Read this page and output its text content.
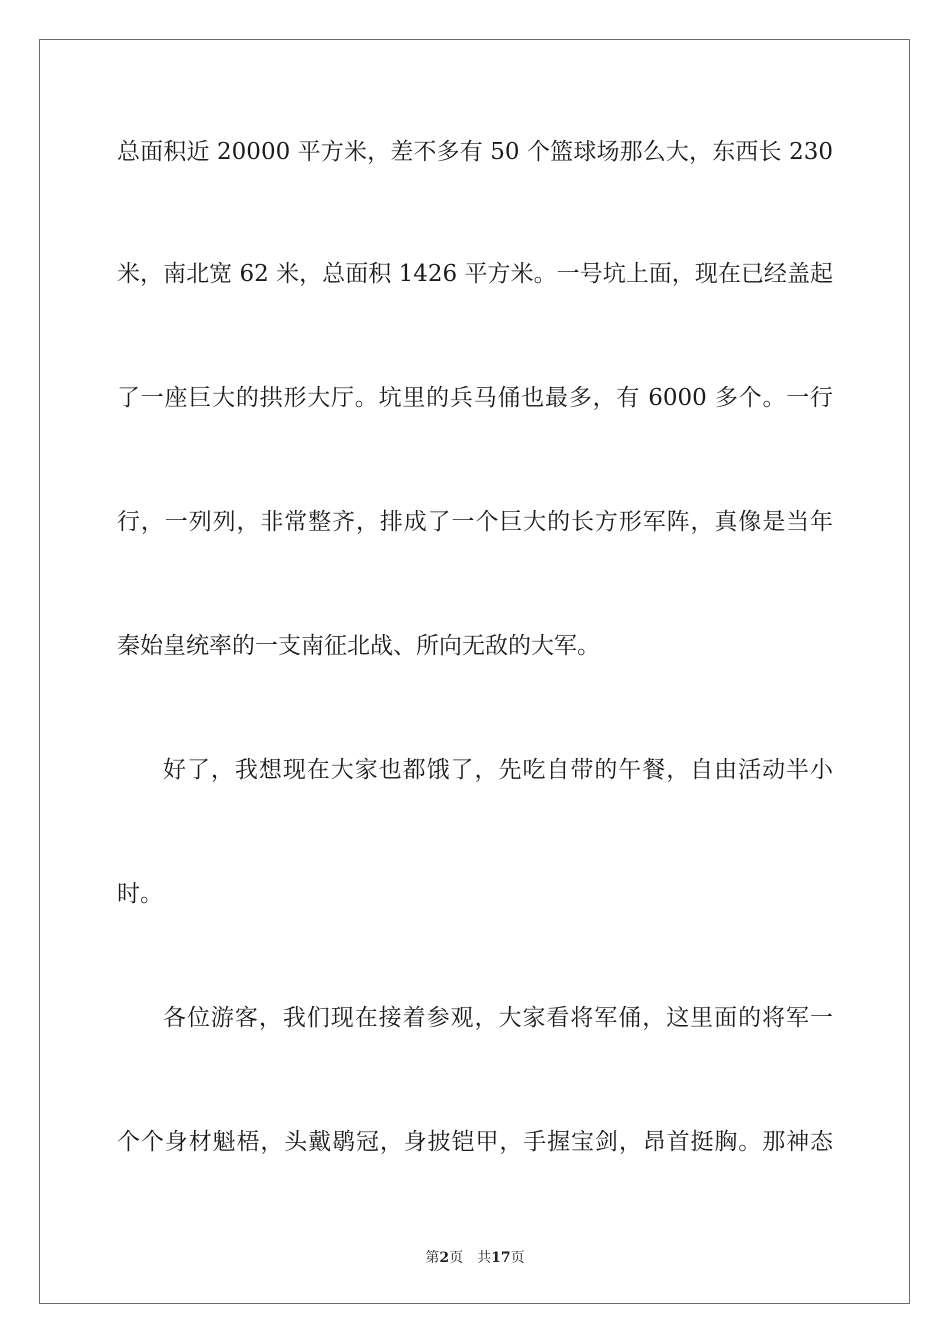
总面积近 20000 平方米，差不多有 50 个篮球场那么大，东西长 230
米，南北宽 62 米，总面积 1426 平方米。一号坑上面，现在已经盖起
了一座巨大的拱形大厅。坑里的兵马俑也最多，有 6000 多个。一行
行，一列列，非常整齐，排成了一个巨大的长方形军阵，真像是当年
秦始皇统率的一支南征北战、所向无敌的大军。
好了，我想现在大家也都饿了，先吃自带的午餐，自由活动半小
时。
各位游客，我们现在接着参观，大家看将军俑，这里面的将军一
个个身材魁梧，头戴鹖冠，身披铠甲，手握宝剑，昂首挺胸。那神态
第2页 共17页
